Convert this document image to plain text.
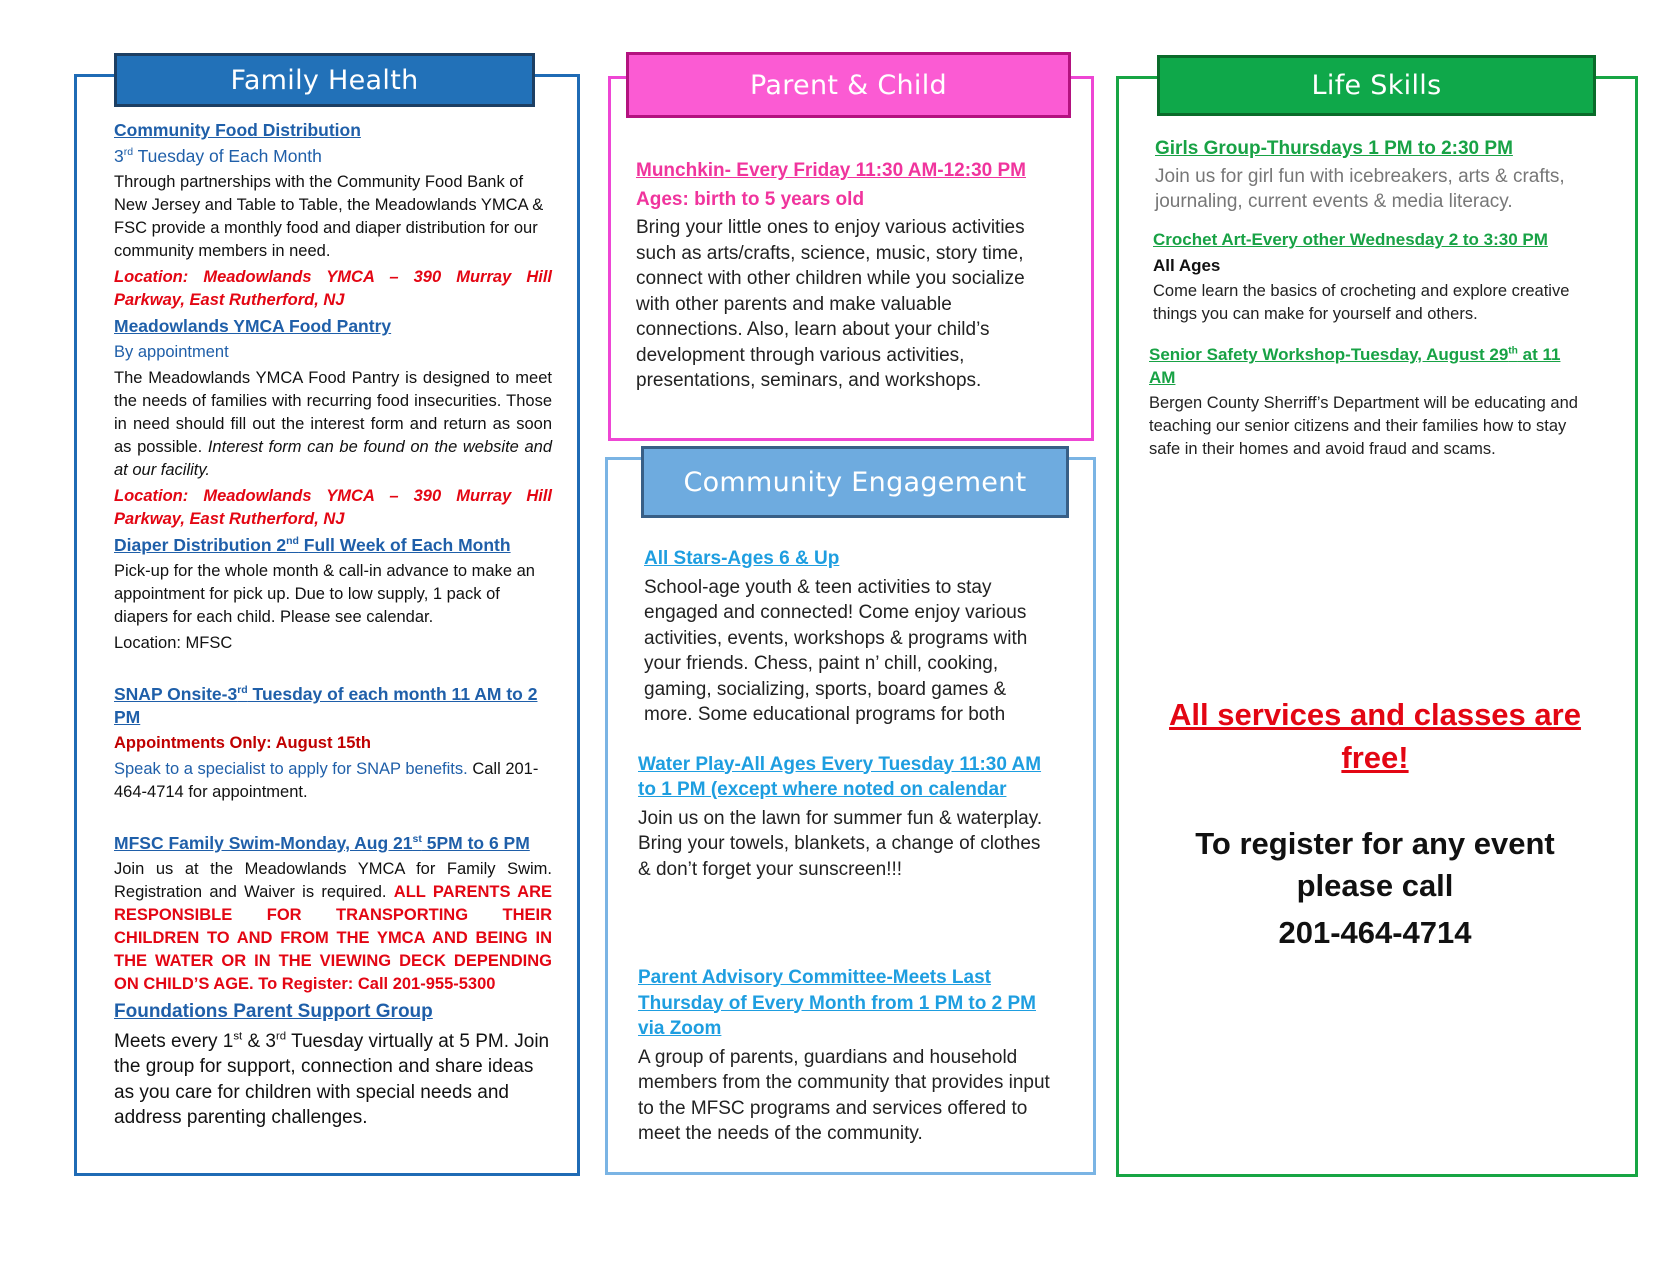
Family Health

Community Food Distribution

3rd Tuesday of Each Month

Through partnerships with the Community Food Bank of New Jersey and Table to Table, the Meadowlands YMCA & FSC provide a monthly food and diaper distribution for our community members in need.

Location: Meadowlands YMCA – 390 Murray Hill Parkway, East Rutherford, NJ

Meadowlands YMCA Food Pantry

By appointment

The Meadowlands YMCA Food Pantry is designed to meet the needs of families with recurring food insecurities. Those in need should fill out the interest form and return as soon as possible. Interest form can be found on the website and at our facility.

Location: Meadowlands YMCA – 390 Murray Hill Parkway, East Rutherford, NJ

Diaper Distribution 2nd Full Week of Each Month

Pick-up for the whole month & call-in advance to make an appointment for pick up. Due to low supply, 1 pack of diapers for each child. Please see calendar.

Location: MFSC

SNAP Onsite-3rd Tuesday of each month 11 AM to 2 PM

Appointments Only: August 15th

Speak to a specialist to apply for SNAP benefits. Call 201-464-4714 for appointment.

MFSC Family Swim-Monday, Aug 21st 5PM to 6 PM

Join us at the Meadowlands YMCA for Family Swim. Registration and Waiver is required. ALL PARENTS ARE RESPONSIBLE FOR TRANSPORTING THEIR CHILDREN TO AND FROM THE YMCA AND BEING IN THE WATER OR IN THE VIEWING DECK DEPENDING ON CHILD’S AGE. To Register: Call 201-955-5300

Foundations Parent Support Group

Meets every 1st & 3rd Tuesday virtually at 5 PM. Join the group for support, connection and share ideas as you care for children with special needs and address parenting challenges.

Parent & Child

Munchkin- Every Friday 11:30 AM-12:30 PM

Ages: birth to 5 years old

Bring your little ones to enjoy various activities such as arts/crafts, science, music, story time, connect with other children while you socialize with other parents and make valuable connections. Also, learn about your child’s development through various activities, presentations, seminars, and workshops.

Community Engagement

All Stars-Ages 6 & Up

School-age youth & teen activities to stay engaged and connected! Come enjoy various activities, events, workshops & programs with your friends. Chess, paint n’ chill, cooking, gaming, socializing, sports, board games & more. Some educational programs for both

Water Play-All Ages Every Tuesday 11:30 AM to 1 PM (except where noted on calendar

Join us on the lawn for summer fun & waterplay. Bring your towels, blankets, a change of clothes & don’t forget your sunscreen!!!

Parent Advisory Committee-Meets Last Thursday of Every Month from 1 PM to 2 PM via Zoom

A group of parents, guardians and household members from the community that provides input to the MFSC programs and services offered to meet the needs of the community.

Life Skills

Girls Group-Thursdays 1 PM to 2:30 PM

Join us for girl fun with icebreakers, arts & crafts, journaling, current events & media literacy.

Crochet Art-Every other Wednesday 2 to 3:30 PM

All Ages

Come learn the basics of crocheting and explore creative things you can make for yourself and others.

Senior Safety Workshop-Tuesday, August 29th at 11 AM

Bergen County Sherriff’s Department will be educating and teaching our senior citizens and their families how to stay safe in their homes and avoid fraud and scams.

All services and classes are free!
To register for any event please call
201-464-4714
